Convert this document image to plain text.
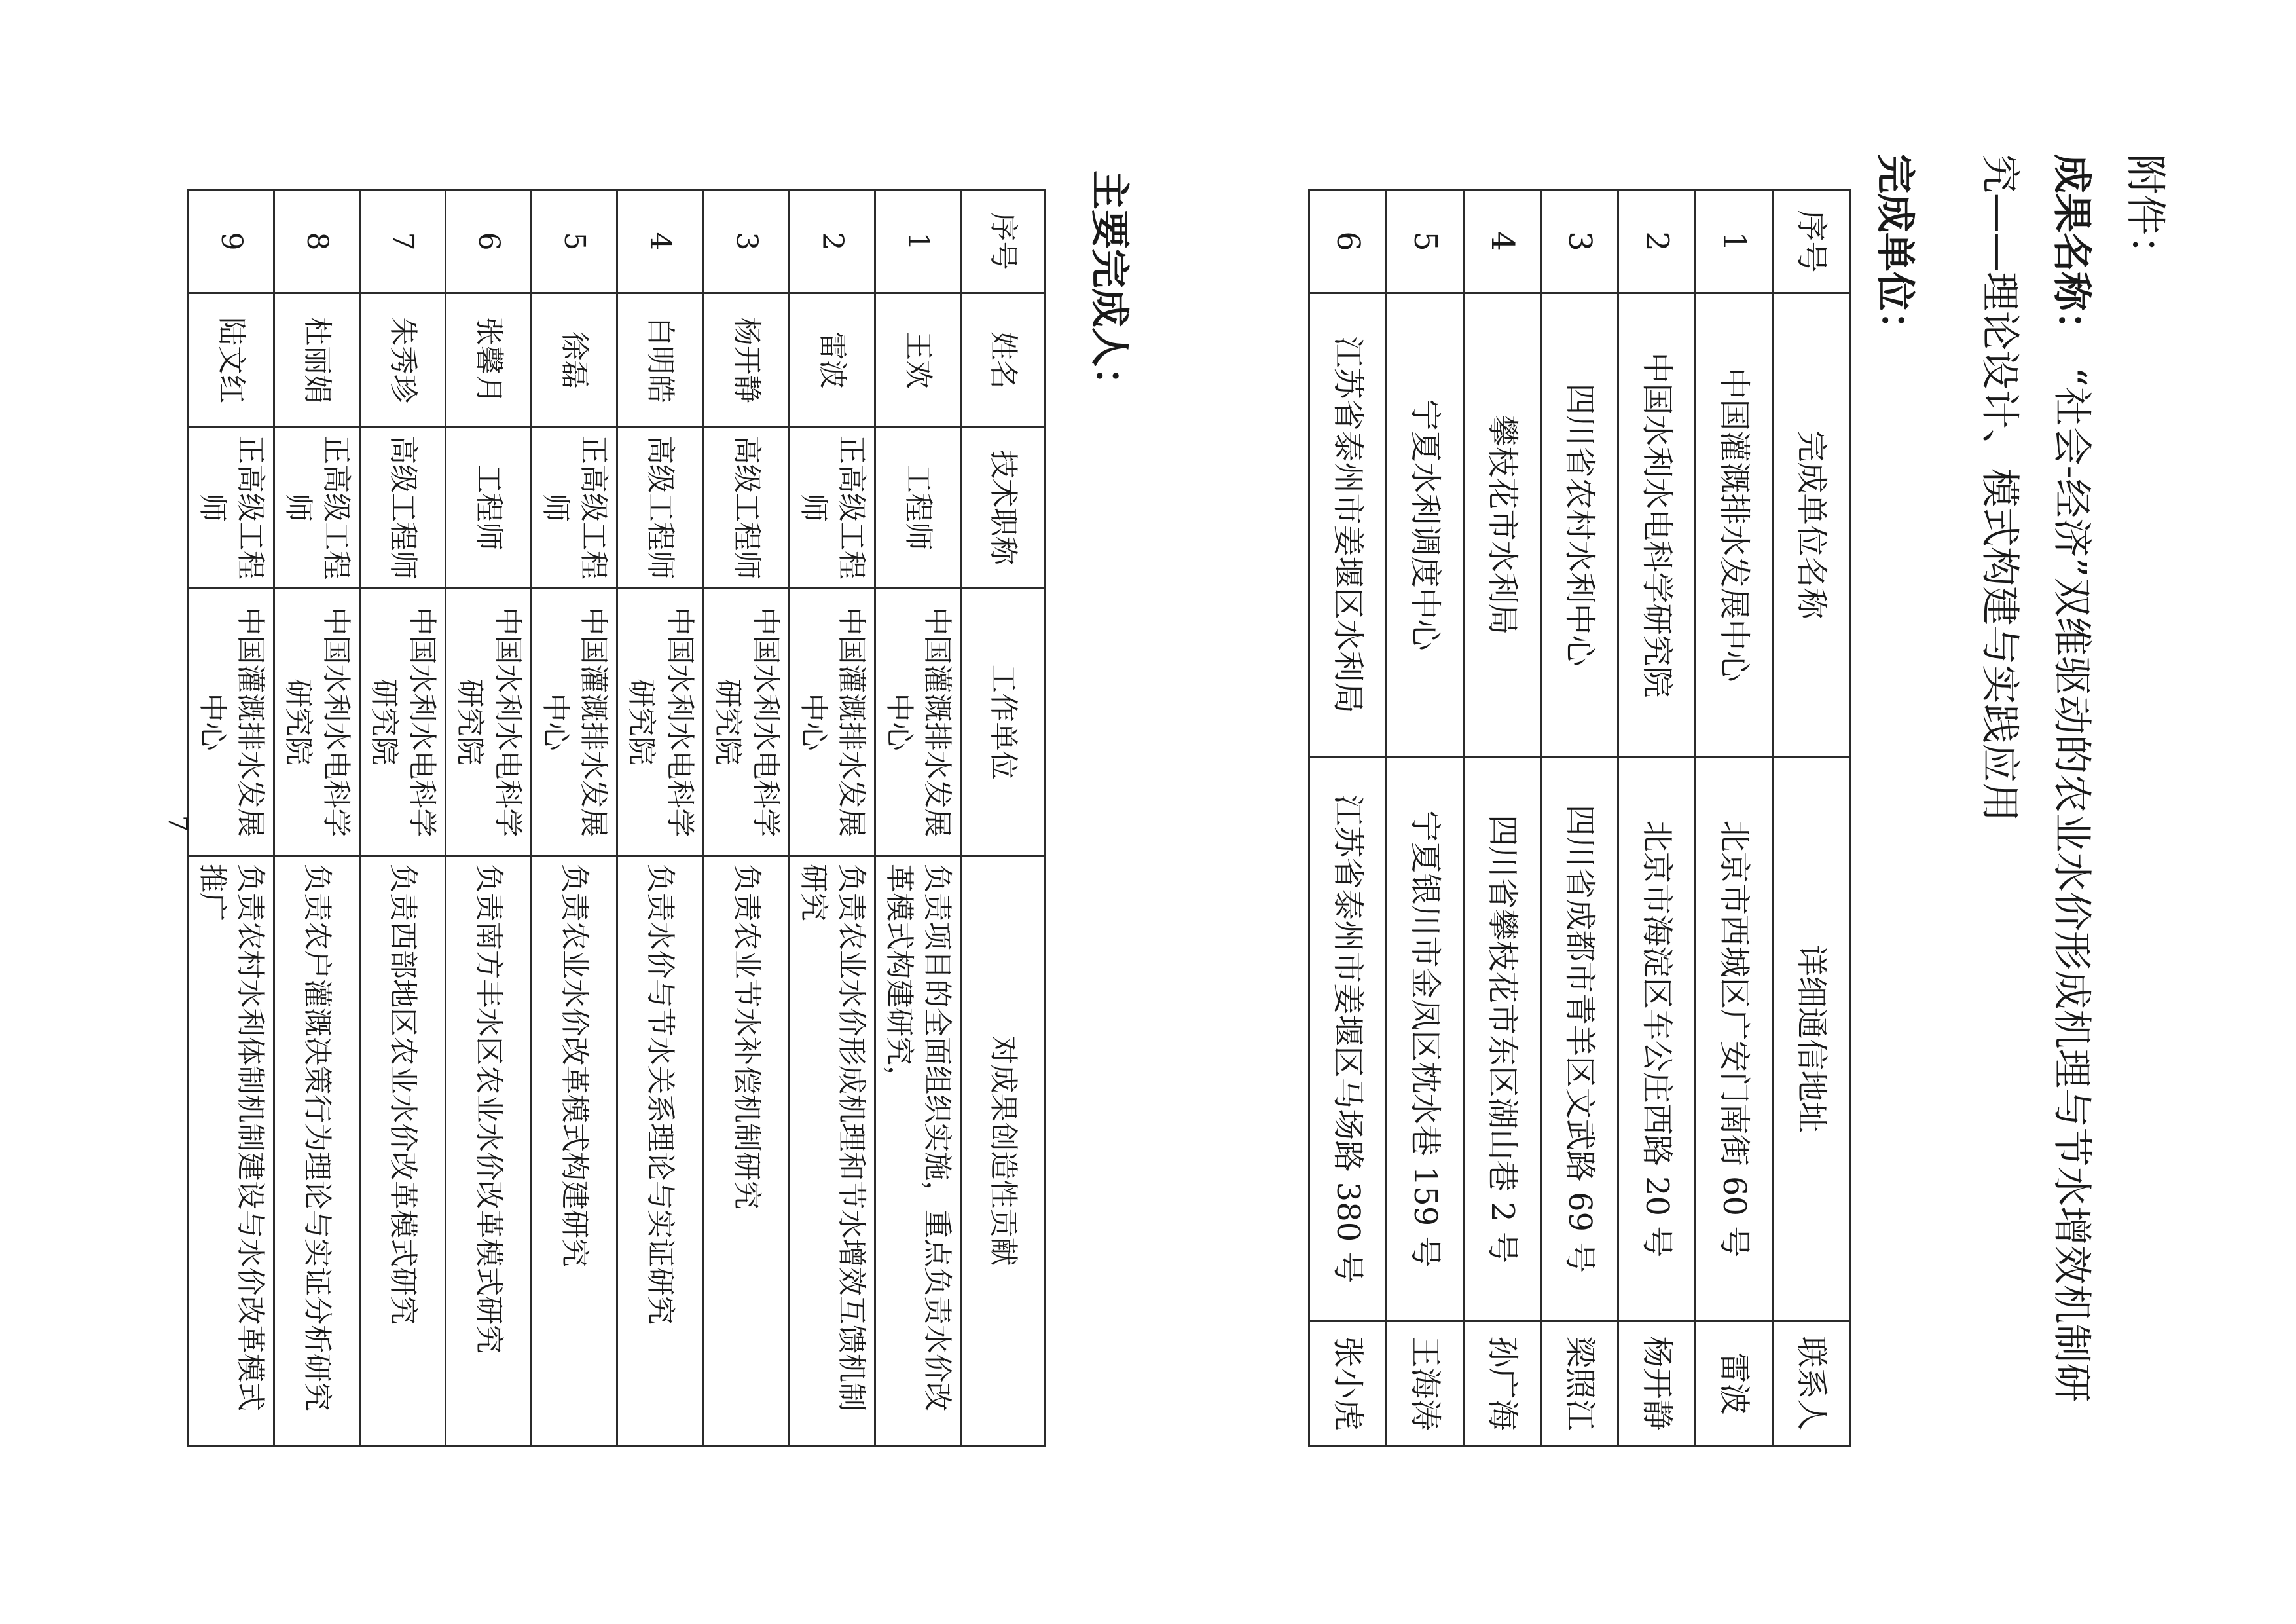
附件：
成果名称：
“社会-经济”双维驱动的农业水价形成机理与节水增效机制研
究——理论设计、模式构建与实践应用
完成单位：
序号	完成单位名称	详细通信地址	联系人
1	中国灌溉排水发展中心	北京市西城区广安门南街 60 号	雷波
2	中国水利水电科学研究院	北京市海淀区车公庄西路 20 号	杨开静
3	四川省农村水利中心	四川省成都市青羊区文武路 69 号	梁照江
4	攀枝花市水利局	四川省攀枝花市东区湖山巷 2 号	孙广海
5	宁夏水利调度中心	宁夏银川市金凤区枕水巷 159 号	王海涛
6	江苏省泰州市姜堰区水利局	江苏省泰州市姜堰区马场路 380 号	张小虎
主要完成人：
序号	姓名	技术职称	工作单位	对成果创造性贡献
1	王欢	工程师	中国灌溉排水发展中心	负责项目的全面组织实施，重点负责水价改革模式构建研究，
2	雷波	正高级工程师	中国灌溉排水发展中心	负责农业水价形成机理和节水增效互馈机制研究
3	杨开静	高级工程师	中国水利水电科学研究院	负责农业节水补偿机制研究
4	白明皓	高级工程师	中国水利水电科学研究院	负责水价与节水关系理论与实证研究
5	徐磊	正高级工程师	中国灌溉排水发展中心	负责农业水价改革模式构建研究
6	张馨月	工程师	中国水利水电科学研究院	负责南方丰水区农业水价改革模式研究
7	朱秀珍	高级工程师	中国水利水电科学研究院	负责西部地区农业水价改革模式研究
8	杜丽娟	正高级工程师	中国水利水电科学研究院	负责农户灌溉决策行为理论与实证分析研究
9	陆文红	正高级工程师	中国灌溉排水发展中心	负责农村水利体制机制建设与水价改革模式推广
7
